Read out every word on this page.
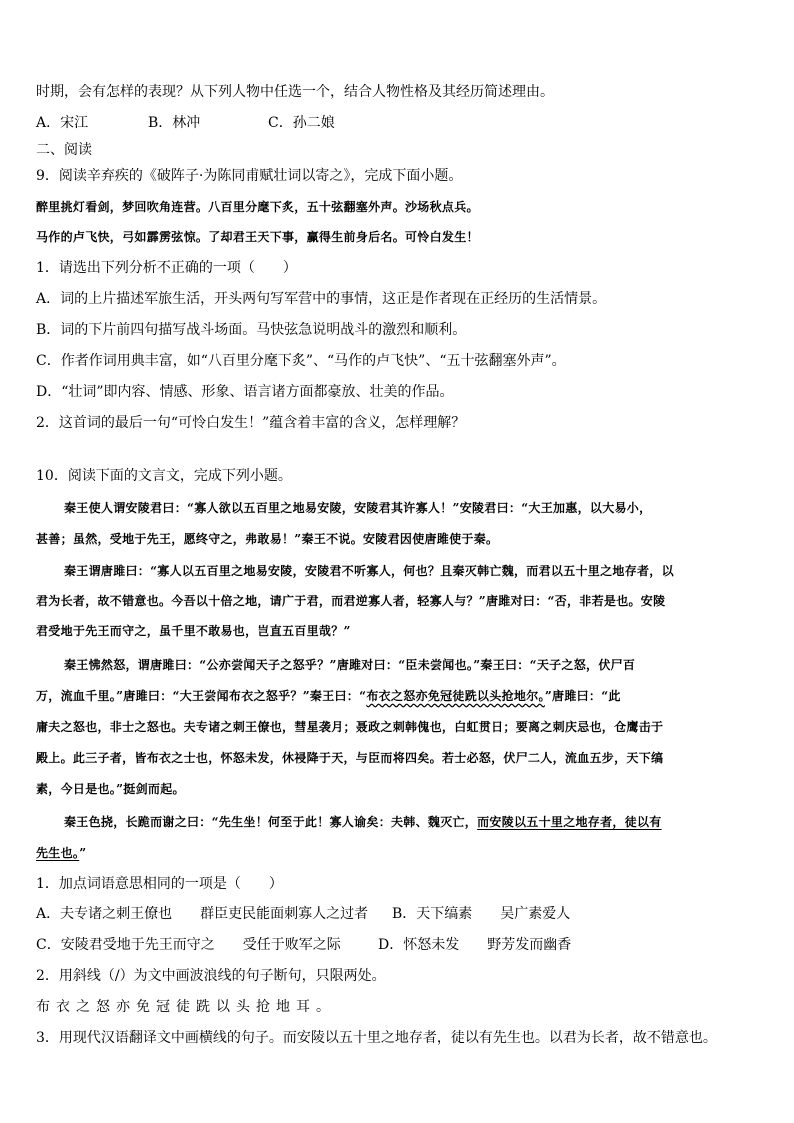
时期，会有怎样的表现？从下列人物中任选一个，结合人物性格及其经历简述理由。
A．宋江	B．林冲	C．孙二娘
二、阅读
9．阅读辛弃疾的《破阵子·为陈同甫赋壮词以寄之》，完成下面小题。
醉里挑灯看剑，梦回吹角连营。八百里分麾下炙，五十弦翻塞外声。沙场秋点兵。
马作的卢飞快，弓如霹雳弦惊。了却君王天下事，赢得生前身后名。可怜白发生！
1．请选出下列分析不正确的一项（　　）
A．词的上片描述军旅生活，开头两句写军营中的事情，这正是作者现在正经历的生活情景。
B．词的下片前四句描写战斗场面。马快弦急说明战斗的激烈和顺利。
C．作者作词用典丰富，如“八百里分麾下炙”、“马作的卢飞快”、“五十弦翻塞外声”。
D．“壮词”即内容、情感、形象、语言诸方面都豪放、壮美的作品。
2．这首词的最后一句“可怜白发生！”蕴含着丰富的含义，怎样理解？
10．阅读下面的文言文，完成下列小题。
秦王使人谓安陵君曰：“寡人欲以五百里之地易安陵，安陵君其许寡人！”安陵君曰：“大王加惠，以大易小，
甚善；虽然，受地于先王，愿终守之，弗敢易！”秦王不说。安陵君因使唐雎使于秦。
秦王谓唐雎曰：“寡人以五百里之地易安陵，安陵君不听寡人，何也？且秦灭韩亡魏，而君以五十里之地存者，以
君为长者，故不错意也。今吾以十倍之地，请广于君，而君逆寡人者，轻寡人与？”唐雎对曰：“否，非若是也。安陵
君受地于先王而守之，虽千里不敢易也，岂直五百里哉？”
秦王怫然怒，谓唐雎曰：“公亦尝闻天子之怒乎？”唐雎对曰：“臣未尝闻也。”秦王曰：“天子之怒，伏尸百
万，流血千里。”唐雎曰：“大王尝闻布衣之怒乎？”秦王曰：“布衣之怒亦免冠徒跣以头抢地尔。”唐雎曰：“此
庸夫之怒也，非士之怒也。夫专诸之刺王僚也，彗星袭月；聂政之刺韩傀也，白虹贯日；要离之刺庆忌也，仓鹰击于
殿上。此三子者，皆布衣之士也，怀怒未发，休祲降于天，与臣而将四矣。若士必怒，伏尸二人，流血五步，天下缟
素，今日是也。”挺剑而起。
秦王色挠，长跪而谢之曰：“先生坐！何至于此！寡人谕矣：夫韩、魏灭亡，而安陵以五十里之地存者，徒以有
先生也。”
1．加点词语意思相同的一项是（　　）
A．夫专诸之刺王僚也　　群臣吏民能面刺寡人之过者 B．天下缟素　　吴广素爱人
C．安陵君受地于先王而守之　　受任于败军之际	D．怀怒未发　　野芳发而幽香
2．用斜线（/）为文中画波浪线的句子断句，只限两处。
布衣之怒亦免冠徒跣以头抢地耳。
3．用现代汉语翻译文中画横线的句子。而安陵以五十里之地存者，徒以有先生也。以君为长者，故不错意也。
